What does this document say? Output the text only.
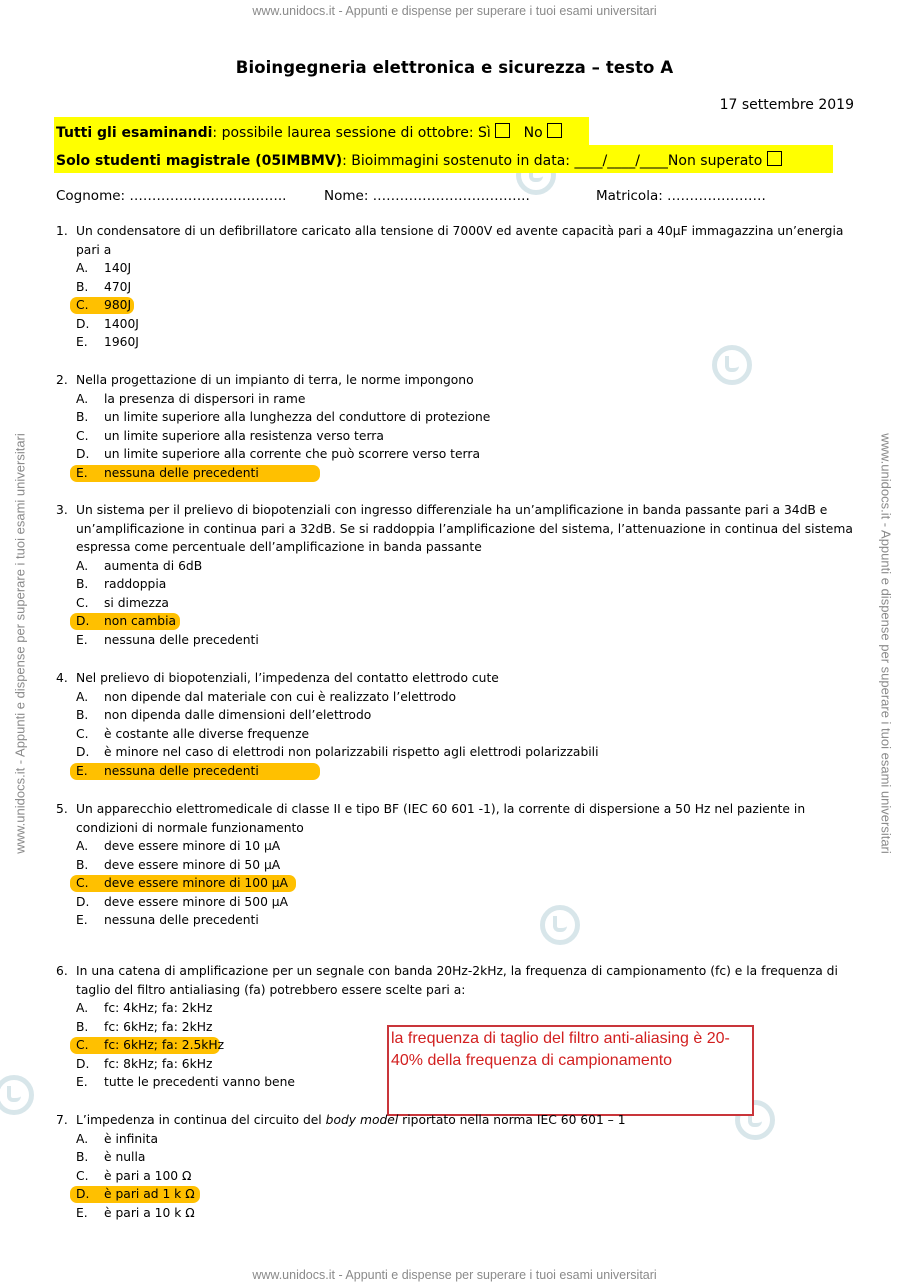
www.unidocs.it - Appunti e dispense per superare i tuoi esami universitari
www.unidocs.it - Appunti e dispense per superare i tuoi esami universitari
www.unidocs.it - Appunti e dispense per superare i tuoi esami universitari	www.unidocs.it - Appunti e dispense per superare i tuoi esami universitari
Bioingegneria elettronica e sicurezza – testo A
17 settembre 2019
Tutti gli esaminandi: possibile laurea sessione di ottobre: Sì No
Solo studenti magistrale (05IMBMV): Bioimmagini sostenuto in data: ____/____/____Non superato
Cognome: ……………………………..	Nome: ……………………………..	Matricola: ………………….
1. Un condensatore di un defibrillatore caricato alla tensione di 7000V ed avente capacità pari a 40µF immagazzina un’energia pari a
A. 140J
B. 470J
C. 980J
D. 1400J
E. 1960J
2. Nella progettazione di un impianto di terra, le norme impongono
A. la presenza di dispersori in rame
B. un limite superiore alla lunghezza del conduttore di protezione
C. un limite superiore alla resistenza verso terra
D. un limite superiore alla corrente che può scorrere verso terra
E. nessuna delle precedenti
3. Un sistema per il prelievo di biopotenziali con ingresso differenziale ha un’amplificazione in banda passante pari a 34dB e un’amplificazione in continua pari a 32dB. Se si raddoppia l’amplificazione del sistema, l’attenuazione in continua del sistema espressa come percentuale dell’amplificazione in banda passante
A. aumenta di 6dB
B. raddoppia
C. si dimezza
D. non cambia
E. nessuna delle precedenti
4. Nel prelievo di biopotenziali, l’impedenza del contatto elettrodo cute
A. non dipende dal materiale con cui è realizzato l’elettrodo
B. non dipenda dalle dimensioni dell’elettrodo
C. è costante alle diverse frequenze
D. è minore nel caso di elettrodi non polarizzabili rispetto agli elettrodi polarizzabili
E. nessuna delle precedenti
5. Un apparecchio elettromedicale di classe II e tipo BF (IEC 60 601 -1), la corrente di dispersione a 50 Hz nel paziente in condizioni di normale funzionamento
A. deve essere minore di 10 µA
B. deve essere minore di 50 µA
C. deve essere minore di 100 µA
D. deve essere minore di 500 µA
E. nessuna delle precedenti
6. In una catena di amplificazione per un segnale con banda 20Hz-2kHz, la frequenza di campionamento (fc) e la frequenza di taglio del filtro antialiasing (fa) potrebbero essere scelte pari a:
A. fc: 4kHz; fa: 2kHz
B. fc: 6kHz; fa: 2kHz
C. fc: 6kHz; fa: 2.5kHz
D. fc: 8kHz; fa: 6kHz
E. tutte le precedenti vanno bene
la frequenza di taglio del filtro anti-aliasing è 20-40% della frequenza di campionamento
7. L’impedenza in continua del circuito del body model riportato nella norma IEC 60 601 – 1
A. è infinita
B. è nulla
C. è pari a 100 Ω
D. è pari ad 1 k Ω
E. è pari a 10 k Ω
